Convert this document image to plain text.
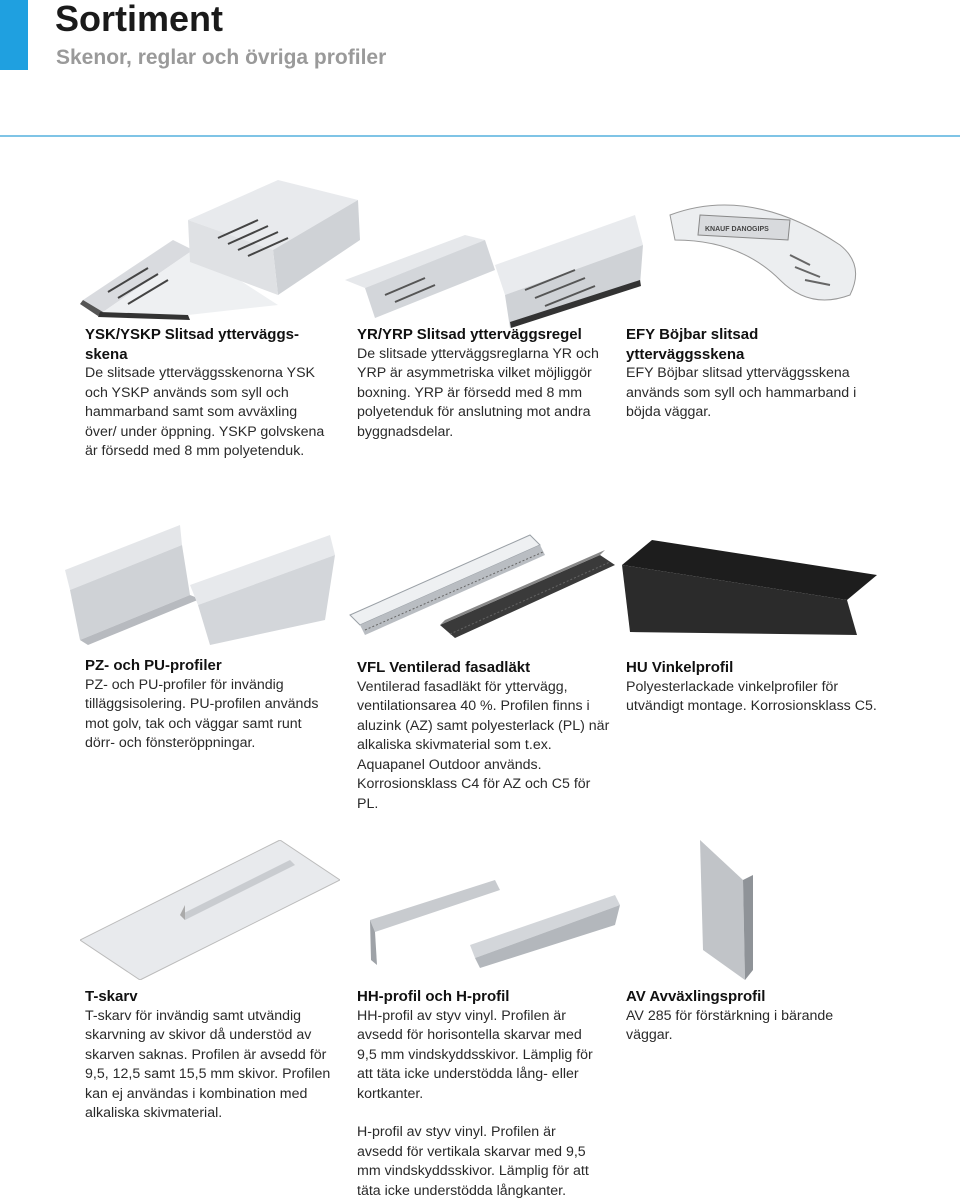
Sortiment
Skenor, reglar och övriga profiler
KNAUF DANOGIPS
YSK/YSKP Slitsad ytterväggs-skena

De slitsade ytterväggsskenorna YSK och YSKP används som syll och hammarband samt som avväxling över/ under öppning. YSKP golvskena är försedd med 8 mm polyetenduk.

YR/YRP Slitsad ytterväggsregel

De slitsade ytterväggsreglarna YR och YRP är asymmetriska vilket möjliggör boxning. YRP är försedd med 8 mm polyetenduk för anslutning mot andra byggnadsdelar.

EFY Böjbar slitsad ytterväggsskena

EFY Böjbar slitsad ytterväggsskena används som syll och hammarband i böjda väggar.

PZ- och PU-profiler

PZ- och PU-profiler för invändig tilläggsisolering. PU-profilen används mot golv, tak och väggar samt runt dörr- och fönsteröppningar.

VFL Ventilerad fasadläkt

Ventilerad fasadläkt för yttervägg, ventilationsarea 40 %. Profilen finns i aluzink (AZ) samt polyesterlack (PL) när alkaliska skivmaterial som t.ex. Aquapanel Outdoor används. Korrosionsklass C4 för AZ och C5 för PL.

HU Vinkelprofil

Polyesterlackade vinkelprofiler för utvändigt montage. Korrosionsklass C5.

T-skarv

T-skarv för invändig samt utvändig skarvning av skivor då understöd av skarven saknas. Profilen är avsedd för 9,5, 12,5 samt 15,5 mm skivor. Profilen kan ej användas i kombination med alkaliska skivmaterial.

HH-profil och H-profil

HH-profil av styv vinyl. Profilen är avsedd för horisontella skarvar med 9,5 mm vindskyddsskivor. Lämplig för att täta icke understödda lång- eller kortkanter.

H-profil av styv vinyl. Profilen är avsedd för vertikala skarvar med 9,5 mm vindskyddsskivor. Lämplig för att täta icke understödda långkanter.

AV Avväxlingsprofil

AV 285 för förstärkning i bärande väggar.
